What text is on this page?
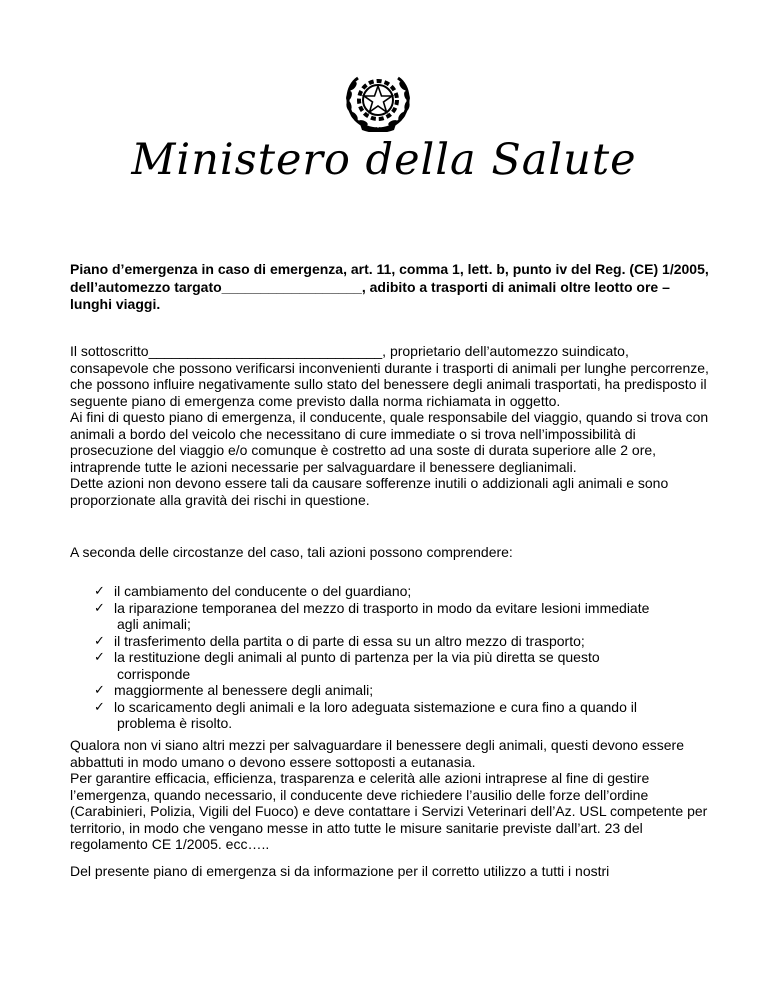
Ministero della Salute
Piano d’emergenza in caso di emergenza, art. 11, comma 1, lett. b, punto iv del Reg. (CE) 1/2005, dell’automezzo targato__________________, adibito a trasporti di animali oltre leotto ore – lunghi viaggi.

Il sottoscritto______________________________, proprietario dell’automezzo suindicato, consapevole che possono verificarsi inconvenienti durante i trasporti di animali per lunghe percorrenze, che possono influire negativamente sullo stato del benessere degli animali trasportati, ha predisposto il seguente piano di emergenza come previsto dalla norma richiamata in oggetto.

Ai fini di questo piano di emergenza, il conducente, quale responsabile del viaggio, quando si trova con animali a bordo del veicolo che necessitano di cure immediate o si trova nell’impossibilità di prosecuzione del viaggio e/o comunque è costretto ad una soste di durata superiore alle 2 ore, intraprende tutte le azioni necessarie per salvaguardare il benessere deglianimali.

Dette azioni non devono essere tali da causare sofferenze inutili o addizionali agli animali e sono proporzionate alla gravità dei rischi in questione.

A seconda delle circostanze del caso, tali azioni possono comprendere:
✓ il cambiamento del conducente o del guardiano;
✓ la riparazione temporanea del mezzo di trasporto in modo da evitare lesioni immediate
agli animali;
✓ il trasferimento della partita o di parte di essa su un altro mezzo di trasporto;
✓ la restituzione degli animali al punto di partenza per la via più diretta se questo
corrisponde
✓ maggiormente al benessere degli animali;
✓ lo scaricamento degli animali e la loro adeguata sistemazione e cura fino a quando il
problema è risolto.

Qualora non vi siano altri mezzi per salvaguardare il benessere degli animali, questi devono essere abbattuti in modo umano o devono essere sottoposti a eutanasia.

Per garantire efficacia, efficienza, trasparenza e celerità alle azioni intraprese al fine di gestire l’emergenza, quando necessario, il conducente deve richiedere l’ausilio delle forze dell’ordine (Carabinieri, Polizia, Vigili del Fuoco) e deve contattare i Servizi Veterinari dell’Az. USL competente per territorio, in modo che vengano messe in atto tutte le misure sanitarie previste dall’art. 23 del regolamento CE 1/2005. ecc…..

Del presente piano di emergenza si da informazione per il corretto utilizzo a tutti i nostri
